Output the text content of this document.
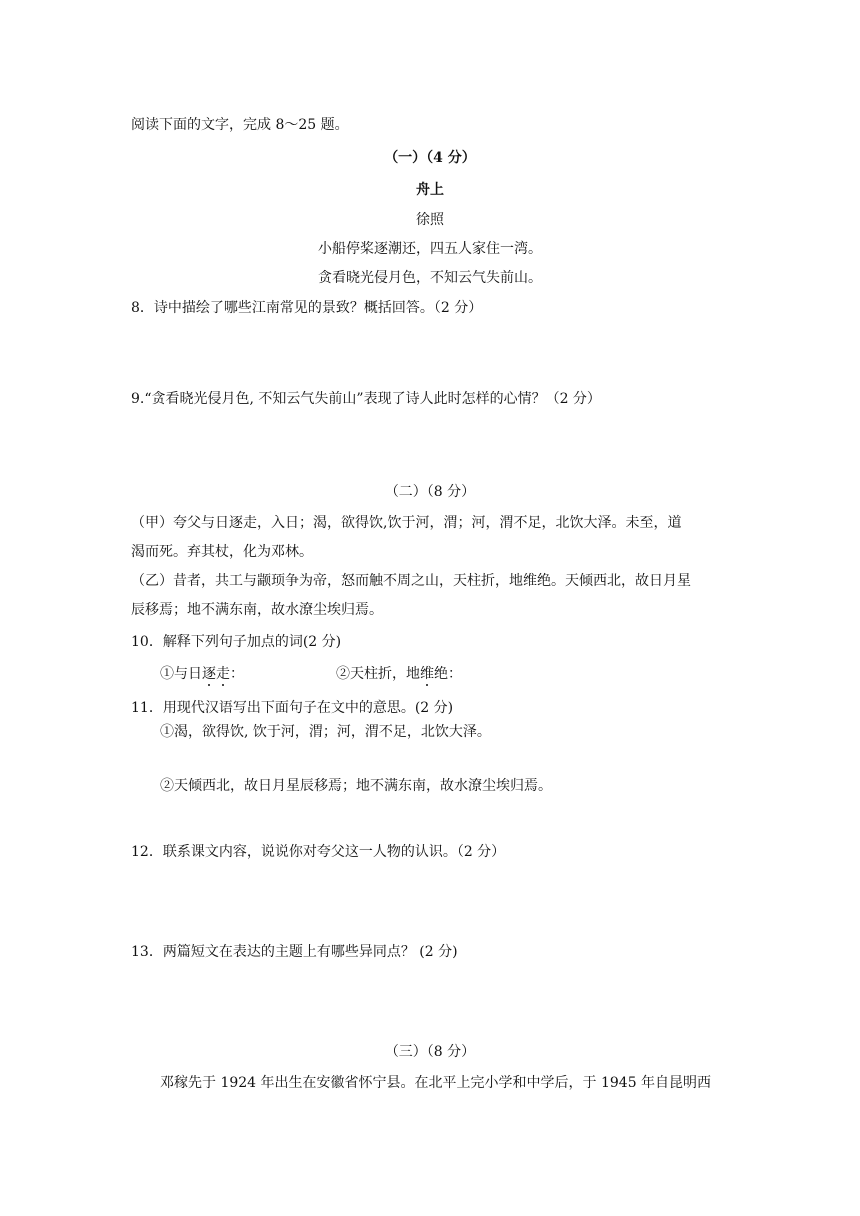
阅读下面的文字，完成 8～25 题。
（一）（4 分）
舟上
徐照
小船停桨逐潮还，四五人家住一湾。
贪看晓光侵月色，不知云气失前山。
8．诗中描绘了哪些江南常见的景致？概括回答。（2 分）
9.“贪看晓光侵月色, 不知云气失前山”表现了诗人此时怎样的心情？（2 分）
（二）（8 分）
（甲）夸父与日逐走，入日；渴，欲得饮,饮于河，渭；河，渭不足，北饮大泽。未至，道
渴而死。弃其杖，化为邓林。
（乙）昔者，共工与颛顼争为帝，怒而触不周之山，天柱折，地维绝。天倾西北，故日月星
辰移焉；地不满东南，故水潦尘埃归焉。
10．解释下列句子加点的词(2 分)
①与日逐走：	②天柱折，地维绝：
11．用现代汉语写出下面句子在文中的意思。(2 分)
①渴，欲得饮, 饮于河，渭；河，渭不足，北饮大泽。
②天倾西北，故日月星辰移焉；地不满东南，故水潦尘埃归焉。
12．联系课文内容，说说你对夸父这一人物的认识。（2 分）
13．两篇短文在表达的主题上有哪些异同点？ (2 分)
（三）（8 分）
邓稼先于 1924 年出生在安徽省怀宁县。在北平上完小学和中学后，于 1945 年自昆明西
